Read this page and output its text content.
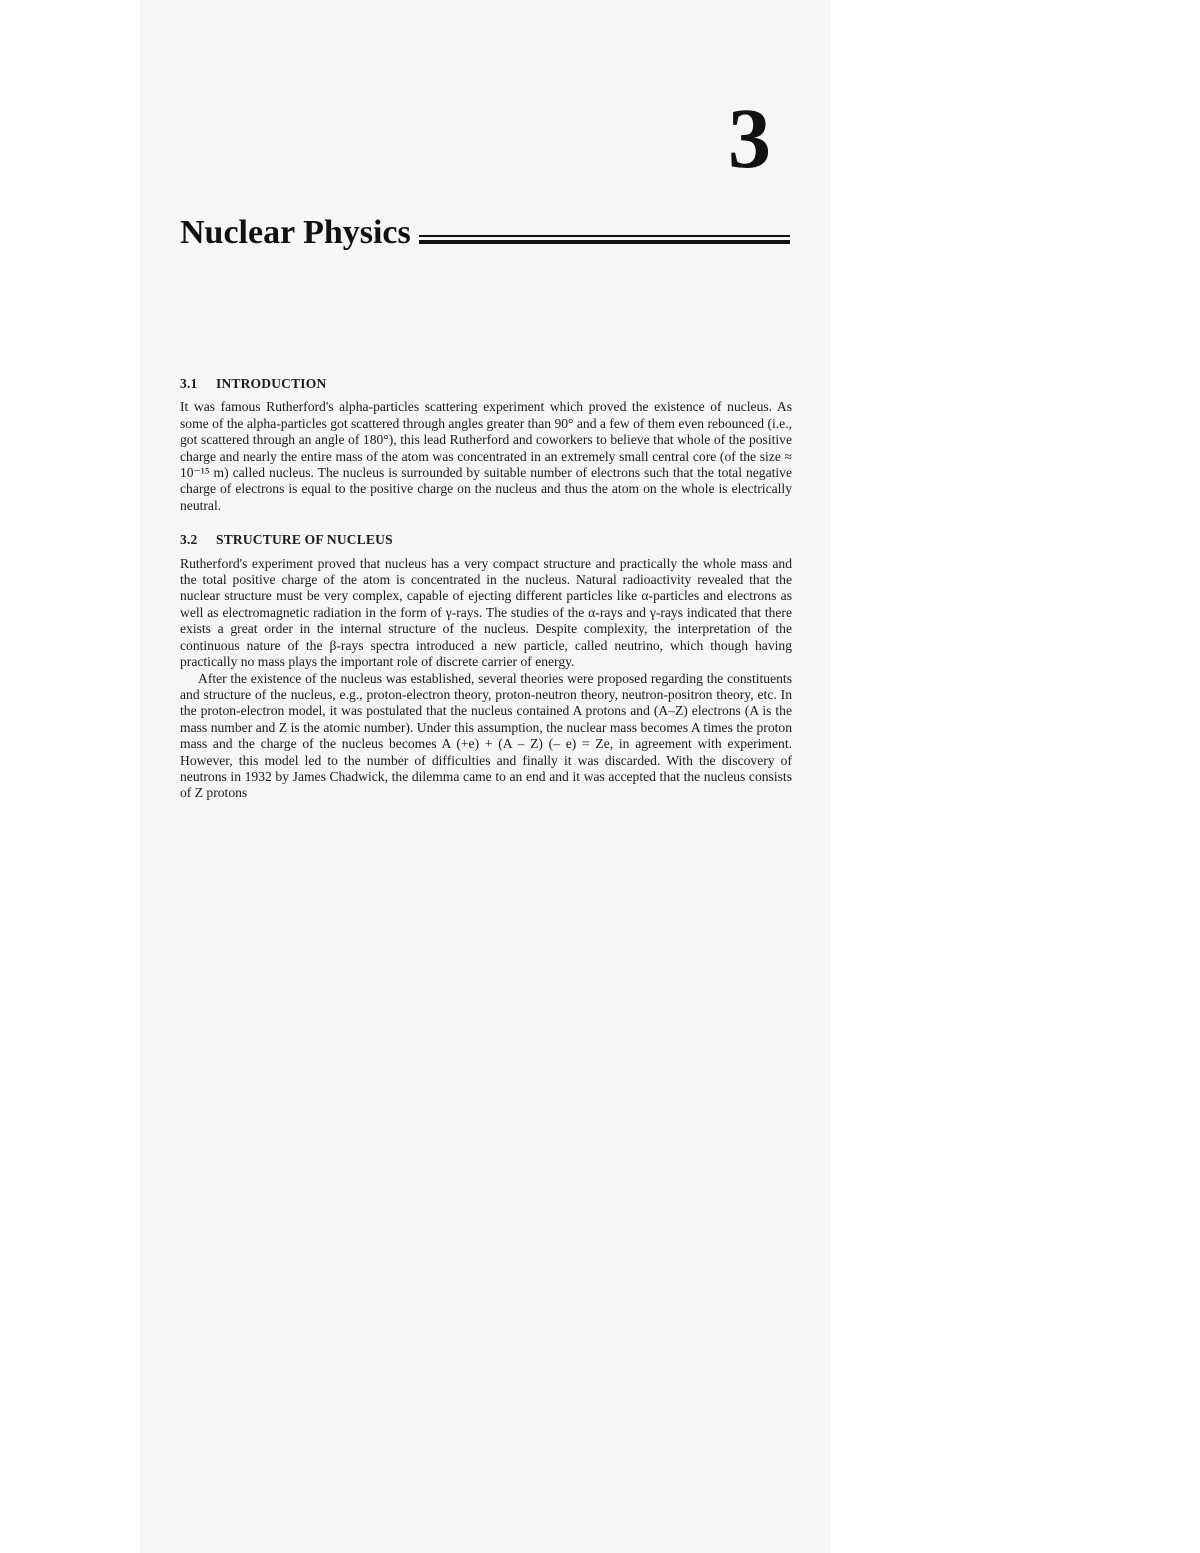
3
Nuclear Physics
3.1 INTRODUCTION

It was famous Rutherford's alpha-particles scattering experiment which proved the existence of nucleus. As some of the alpha-particles got scattered through angles greater than 90° and a few of them even rebounced (i.e., got scattered through an angle of 180°), this lead Rutherford and coworkers to believe that whole of the positive charge and nearly the entire mass of the atom was concentrated in an extremely small central core (of the size ≈ 10⁻¹⁵ m) called nucleus. The nucleus is surrounded by suitable number of electrons such that the total negative charge of electrons is equal to the positive charge on the nucleus and thus the atom on the whole is electrically neutral.

3.2 STRUCTURE OF NUCLEUS

Rutherford's experiment proved that nucleus has a very compact structure and practically the whole mass and the total positive charge of the atom is concentrated in the nucleus. Natural radioactivity revealed that the nuclear structure must be very complex, capable of ejecting different particles like α-particles and electrons as well as electromagnetic radiation in the form of γ-rays. The studies of the α-rays and γ-rays indicated that there exists a great order in the internal structure of the nucleus. Despite complexity, the interpretation of the continuous nature of the β-rays spectra introduced a new particle, called neutrino, which though having practically no mass plays the important role of discrete carrier of energy.

After the existence of the nucleus was established, several theories were proposed regarding the constituents and structure of the nucleus, e.g., proton-electron theory, proton-neutron theory, neutron-positron theory, etc. In the proton-electron model, it was postulated that the nucleus contained A protons and (A–Z) electrons (A is the mass number and Z is the atomic number). Under this assumption, the nuclear mass becomes A times the proton mass and the charge of the nucleus becomes A (+e) + (A – Z) (– e) = Ze, in agreement with experiment. However, this model led to the number of difficulties and finally it was discarded. With the discovery of neutrons in 1932 by James Chadwick, the dilemma came to an end and it was accepted that the nucleus consists of Z protons
